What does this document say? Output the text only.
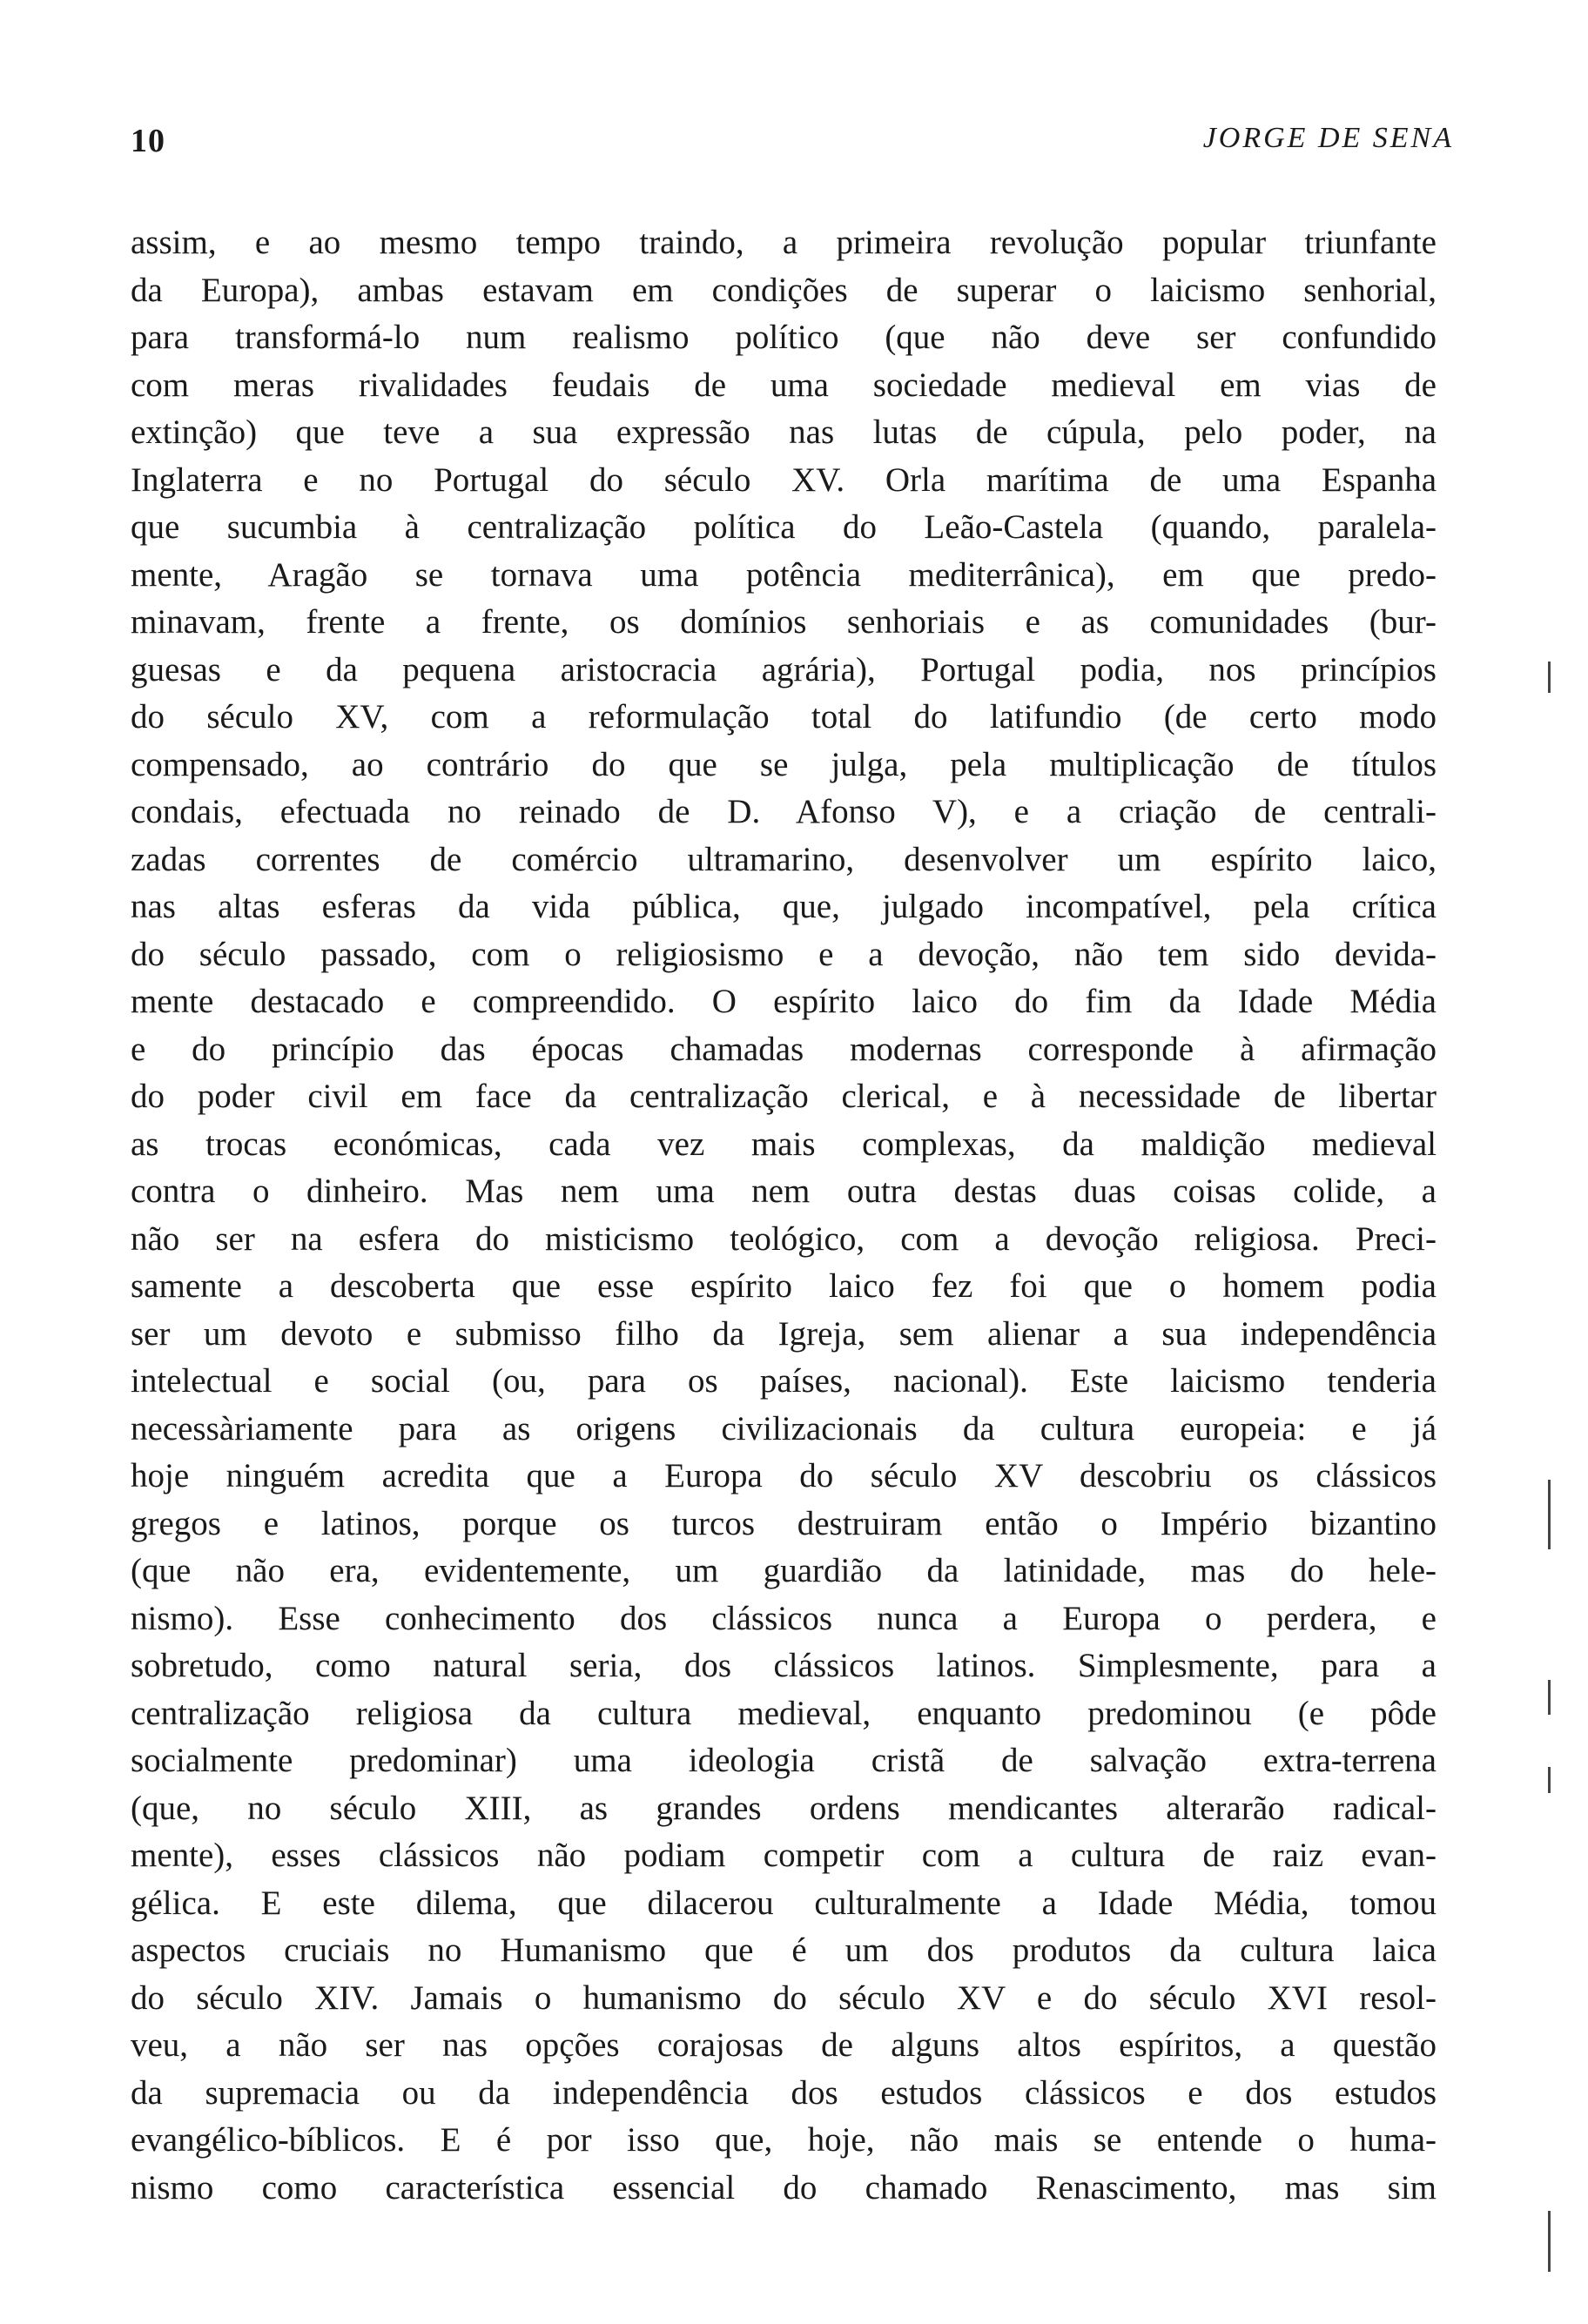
10	JORGE DE SENA
assim, e ao mesmo tempo traindo, a primeira revolução popular triunfante
da Europa), ambas estavam em condições de superar o laicismo senhorial,
para transformá-lo num realismo político (que não deve ser confundido
com meras rivalidades feudais de uma sociedade medieval em vias de
extinção) que teve a sua expressão nas lutas de cúpula, pelo poder, na
Inglaterra e no Portugal do século XV. Orla marítima de uma Espanha
que sucumbia à centralização política do Leão-Castela (quando, paralela-
mente, Aragão se tornava uma potência mediterrânica), em que predo-
minavam, frente a frente, os domínios senhoriais e as comunidades (bur-
guesas e da pequena aristocracia agrária), Portugal podia, nos princípios
do século XV, com a reformulação total do latifundio (de certo modo
compensado, ao contrário do que se julga, pela multiplicação de títulos
condais, efectuada no reinado de D. Afonso V), e a criação de centrali-
zadas correntes de comércio ultramarino, desenvolver um espírito laico,
nas altas esferas da vida pública, que, julgado incompatível, pela crítica
do século passado, com o religiosismo e a devoção, não tem sido devida-
mente destacado e compreendido. O espírito laico do fim da Idade Média
e do princípio das épocas chamadas modernas corresponde à afirmação
do poder civil em face da centralização clerical, e à necessidade de libertar
as trocas económicas, cada vez mais complexas, da maldição medieval
contra o dinheiro. Mas nem uma nem outra destas duas coisas colide, a
não ser na esfera do misticismo teológico, com a devoção religiosa. Preci-
samente a descoberta que esse espírito laico fez foi que o homem podia
ser um devoto e submisso filho da Igreja, sem alienar a sua independência
intelectual e social (ou, para os países, nacional). Este laicismo tenderia
necessàriamente para as origens civilizacionais da cultura europeia: e já
hoje ninguém acredita que a Europa do século XV descobriu os clássicos
gregos e latinos, porque os turcos destruiram então o Império bizantino
(que não era, evidentemente, um guardião da latinidade, mas do hele-
nismo). Esse conhecimento dos clássicos nunca a Europa o perdera, e
sobretudo, como natural seria, dos clássicos latinos. Simplesmente, para a
centralização religiosa da cultura medieval, enquanto predominou (e pôde
socialmente predominar) uma ideologia cristã de salvação extra-terrena
(que, no século XIII, as grandes ordens mendicantes alterarão radical-
mente), esses clássicos não podiam competir com a cultura de raiz evan-
gélica. E este dilema, que dilacerou culturalmente a Idade Média, tomou
aspectos cruciais no Humanismo que é um dos produtos da cultura laica
do século XIV. Jamais o humanismo do século XV e do século XVI resol-
veu, a não ser nas opções corajosas de alguns altos espíritos, a questão
da supremacia ou da independência dos estudos clássicos e dos estudos
evangélico-bíblicos. E é por isso que, hoje, não mais se entende o huma-
nismo como característica essencial do chamado Renascimento, mas sim
